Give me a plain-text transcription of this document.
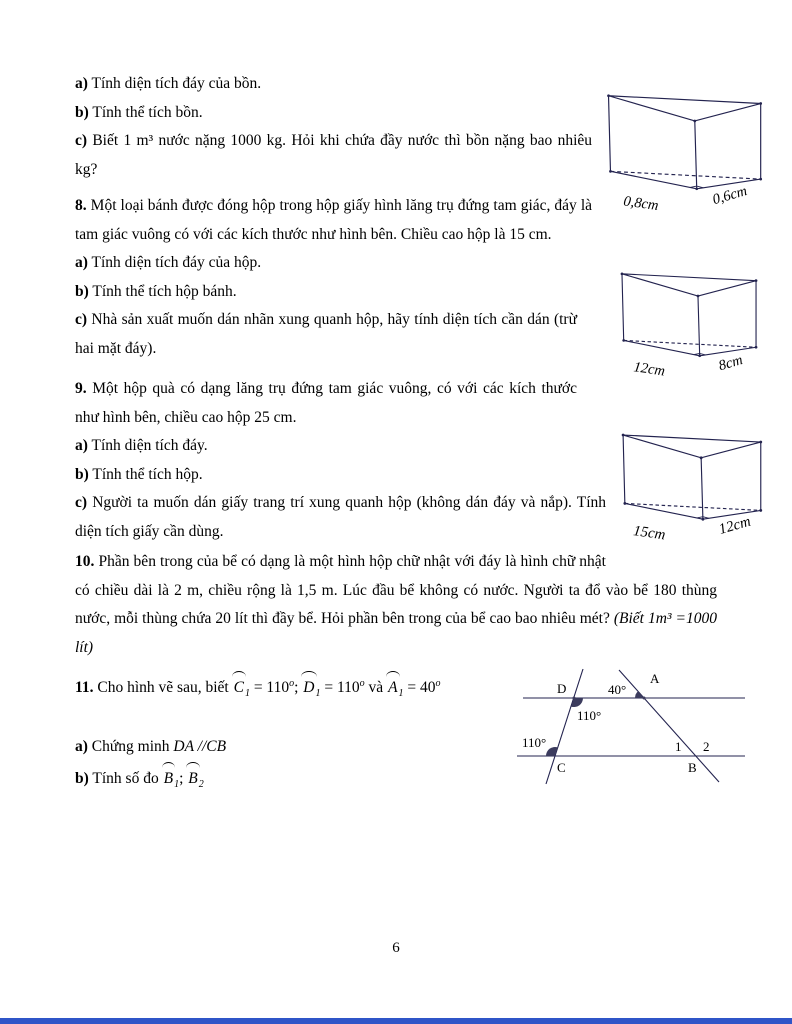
0,8cm	0,6cm

a) Tính diện tích đáy của bồn.

b) Tính thể tích bồn.

c) Biết 1 m³ nước nặng 1000 kg. Hỏi khi chứa đầy nước thì bồn nặng bao nhiêu kg?

12cm	8cm

8. Một loại bánh được đóng hộp trong hộp giấy hình lăng trụ đứng tam giác, đáy là tam giác vuông có với các kích thước như hình bên. Chiều cao hộp là 15 cm.

a) Tính diện tích đáy của hộp.

b) Tính thể tích hộp bánh.

c) Nhà sản xuất muốn dán nhãn xung quanh hộp, hãy tính diện tích cần dán (trừ hai mặt đáy).

15cm	12cm

9. Một hộp quà có dạng lăng trụ đứng tam giác vuông, có với các kích thước như hình bên, chiều cao hộp 25 cm.

a) Tính diện tích đáy.

b) Tính thể tích hộp.

c) Người ta muốn dán giấy trang trí xung quanh hộp (không dán đáy và nắp). Tính diện tích giấy cần dùng.

10. Phần bên trong của bể có dạng là một hình hộp chữ nhật với đáy là hình chữ nhật có chiều dài là 2 m, chiều rộng là 1,5 m. Lúc đầu bể không có nước. Người ta đổ vào bể 180 thùng nước, mỗi thùng chứa 20 lít thì đầy bể. Hỏi phần bên trong của bể cao bao nhiêu mét? (Biết 1m³ =1000 lít)

D
A
C	B
40°
110°
110°	1 2

11. Cho hình vẽ sau, biết $C_1 = 110^o$; $D_1 = 110^o$ và $A_1 = 40^o$

a) Chứng minh DA //CB

b) Tính số đo $B_1$; $B_2$

6
